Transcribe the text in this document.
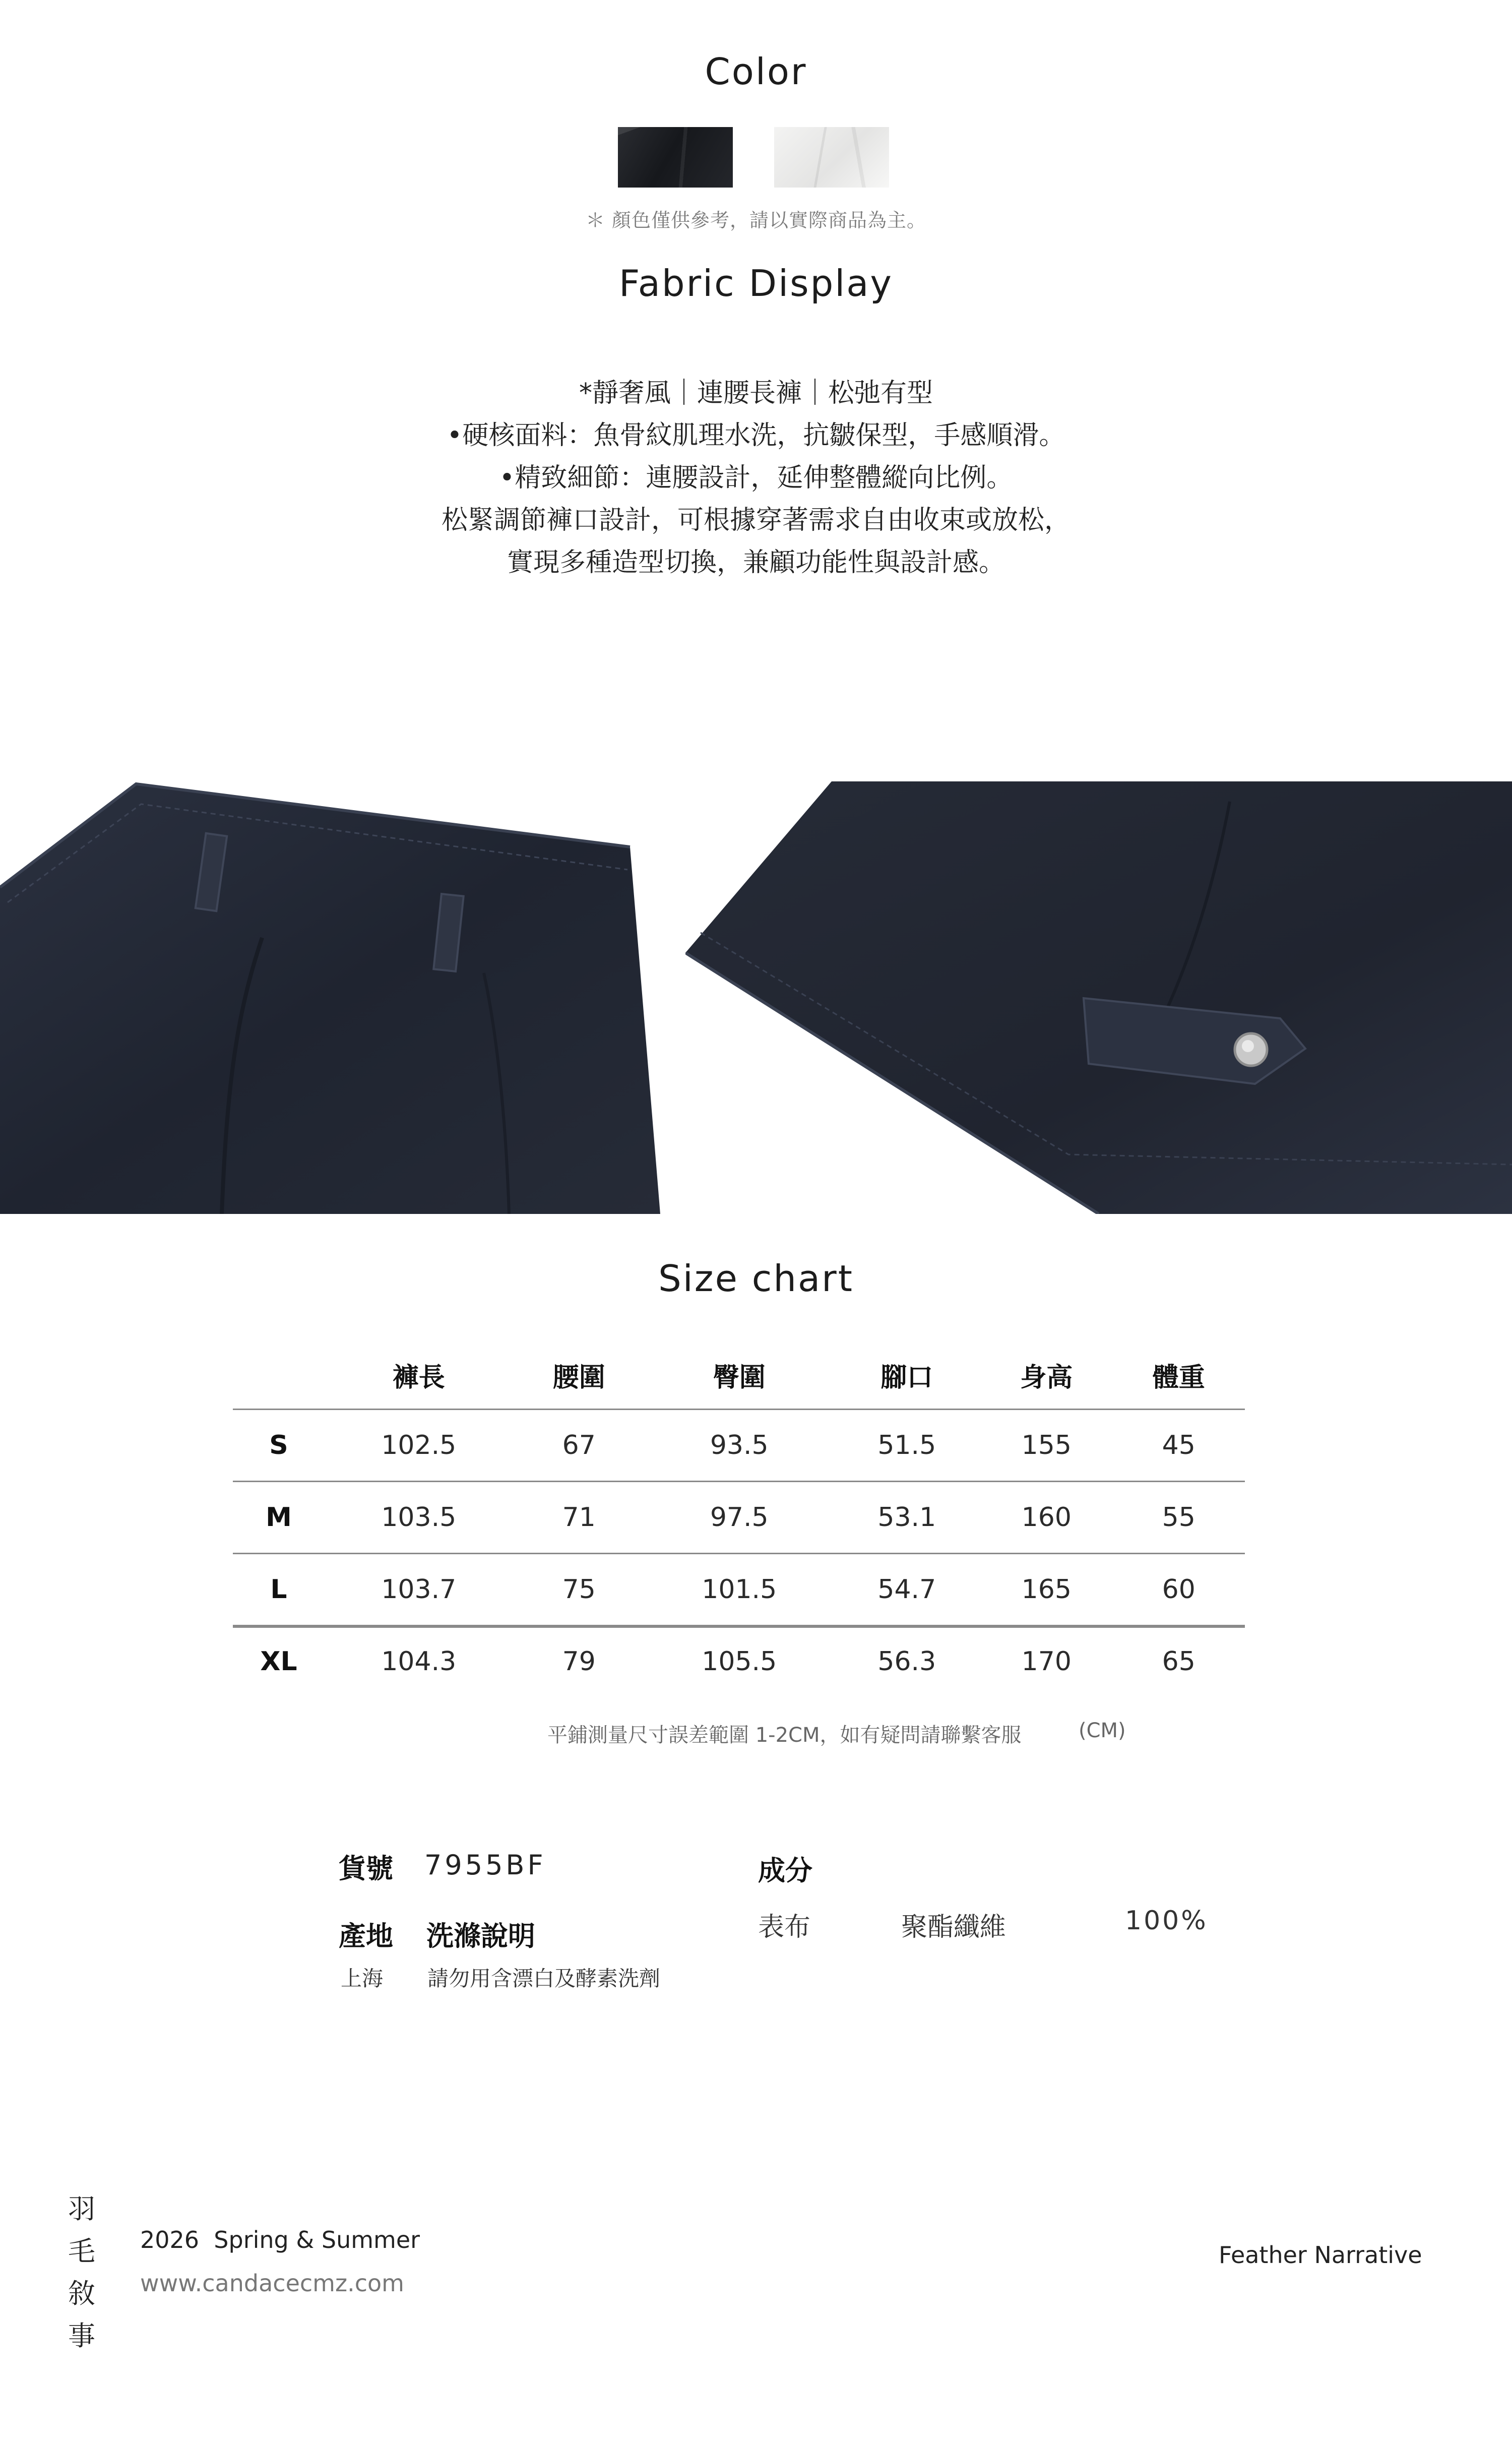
Color
＊ 顏色僅供參考，請以實際商品為主。
Fabric Display
*靜奢風｜連腰長褲｜松弛有型
•硬核面料：魚骨紋肌理水洗，抗皺保型，手感順滑。
•精致細節：連腰設計，延伸整體縱向比例。
松緊調節褲口設計，可根據穿著需求自由收束或放松，
實現多種造型切換，兼顧功能性與設計感。
Size chart
	褲長	腰圍	臀圍	腳口	身高	體重
S	102.5	67	93.5	51.5	155	45
M	103.5	71	97.5	53.1	160	55
L	103.7	75	101.5	54.7	165	60
XL	104.3	79	105.5	56.3	170	65
平鋪測量尺寸誤差範圍 1-2CM，如有疑問請聯繫客服	(CM)
貨號 7955BF
產地 洗滌說明
上海 請勿用含漂白及酵素洗劑
成分
表布	聚酯纖維	100%
羽
毛
敘
事
2026  Spring & Summer
www.candacecmz.com
Feather Narrative
